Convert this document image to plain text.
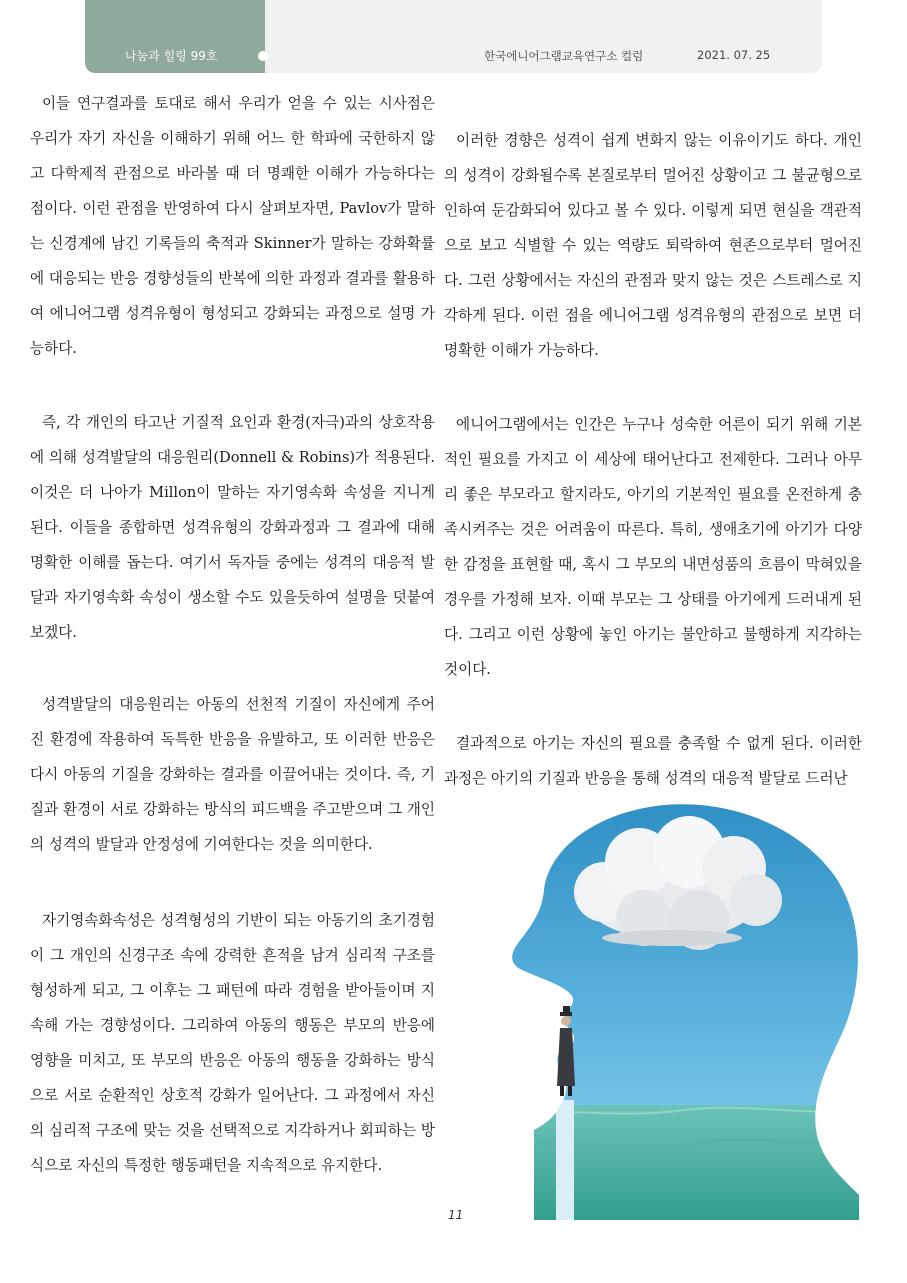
나눔과 힐링 99호	한국에니어그램교육연구소 컬럼	2021. 07. 25

이들 연구결과를 토대로 해서 우리가 얻을 수 있는 시사점은 우리가 자기 자신을 이해하기 위해 어느 한 학파에 국한하지 않고 다학제적 관점으로 바라볼 때 더 명쾌한 이해가 가능하다는 점이다. 이런 관점을 반영하여 다시 살펴보자면, Pavlov가 말하는 신경계에 남긴 기록들의 축적과 Skinner가 말하는 강화확률에 대응되는 반응 경향성들의 반복에 의한 과정과 결과를 활용하여 에니어그램 성격유형이 형성되고 강화되는 과정으로 설명 가능하다.

즉, 각 개인의 타고난 기질적 요인과 환경(자극)과의 상호작용에 의해 성격발달의 대응원리(Donnell & Robins)가 적용된다. 이것은 더 나아가 Millon이 말하는 자기영속화 속성을 지니게 된다. 이들을 종합하면 성격유형의 강화과정과 그 결과에 대해 명확한 이해를 돕는다. 여기서 독자들 중에는 성격의 대응적 발달과 자기영속화 속성이 생소할 수도 있을듯하여 설명을 덧붙여 보겠다.

성격발달의 대응원리는 아동의 선천적 기질이 자신에게 주어진 환경에 작용하여 독특한 반응을 유발하고, 또 이러한 반응은 다시 아동의 기질을 강화하는 결과를 이끌어내는 것이다. 즉, 기질과 환경이 서로 강화하는 방식의 피드백을 주고받으며 그 개인의 성격의 발달과 안정성에 기여한다는 것을 의미한다.

자기영속화속성은 성격형성의 기반이 되는 아동기의 초기경험이 그 개인의 신경구조 속에 강력한 흔적을 남겨 심리적 구조를 형성하게 되고, 그 이후는 그 패턴에 따라 경험을 받아들이며 지속해 가는 경향성이다. 그리하여 아동의 행동은 부모의 반응에 영향을 미치고, 또 부모의 반응은 아동의 행동을 강화하는 방식으로 서로 순환적인 상호적 강화가 일어난다. 그 과정에서 자신의 심리적 구조에 맞는 것을 선택적으로 지각하거나 회피하는 방식으로 자신의 특정한 행동패턴을 지속적으로 유지한다.

이러한 경향은 성격이 쉽게 변화지 않는 이유이기도 하다. 개인의 성격이 강화될수록 본질로부터 멀어진 상황이고 그 불균형으로 인하여 둔감화되어 있다고 볼 수 있다. 이렇게 되면 현실을 객관적으로 보고 식별할 수 있는 역량도 퇴락하여 현존으로부터 멀어진다. 그런 상황에서는 자신의 관점과 맞지 않는 것은 스트레스로 지각하게 된다. 이런 점을 에니어그램 성격유형의 관점으로 보면 더 명확한 이해가 가능하다.

에니어그램에서는 인간은 누구나 성숙한 어른이 되기 위해 기본적인 필요를 가지고 이 세상에 태어난다고 전제한다. 그러나 아무리 좋은 부모라고 할지라도, 아기의 기본적인 필요를 온전하게 충족시켜주는 것은 어려움이 따른다. 특히, 생애초기에 아기가 다양한 감정을 표현할 때, 혹시 그 부모의 내면성품의 흐름이 막혀있을 경우를 가정해 보자. 이때 부모는 그 상태를 아기에게 드러내게 된다. 그리고 이런 상황에 놓인 아기는 불안하고 불행하게 지각하는 것이다.

결과적으로 아기는 자신의 필요를 충족할 수 없게 된다. 이러한 과정은 아기의 기질과 반응을 통해 성격의 대응적 발달로 드러난

11
